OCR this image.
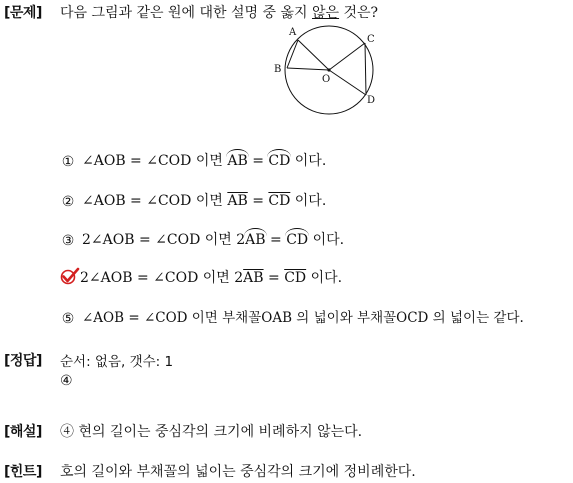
[ 문제 ]	다음 그림과 같은 원에 대한 설명 중 옳지 않은 것은?
A
B
C
D
O
① ∠AOB = ∠COD 이면 AB = CD 이다.
② ∠AOB = ∠COD 이면 $\overline{AB} = \overline{CD}$ 이다.
③ 2∠AOB = ∠COD 이면 2AB = CD 이다.
2∠AOB = ∠COD 이면 $2\overline{AB} = \overline{CD}$ 이다.
⑤ ∠AOB = ∠COD 이면 부채꼴OAB 의 넓이와 부채꼴OCD 의 넓이는 같다.
[ 정답 ]	순서: 없음, 갯수: 1
④
[ 해설 ]	④ 현의 길이는 중심각의 크기에 비례하지 않는다.
[ 힌트 ]	호의 길이와 부채꼴의 넓이는 중심각의 크기에 정비례한다.
